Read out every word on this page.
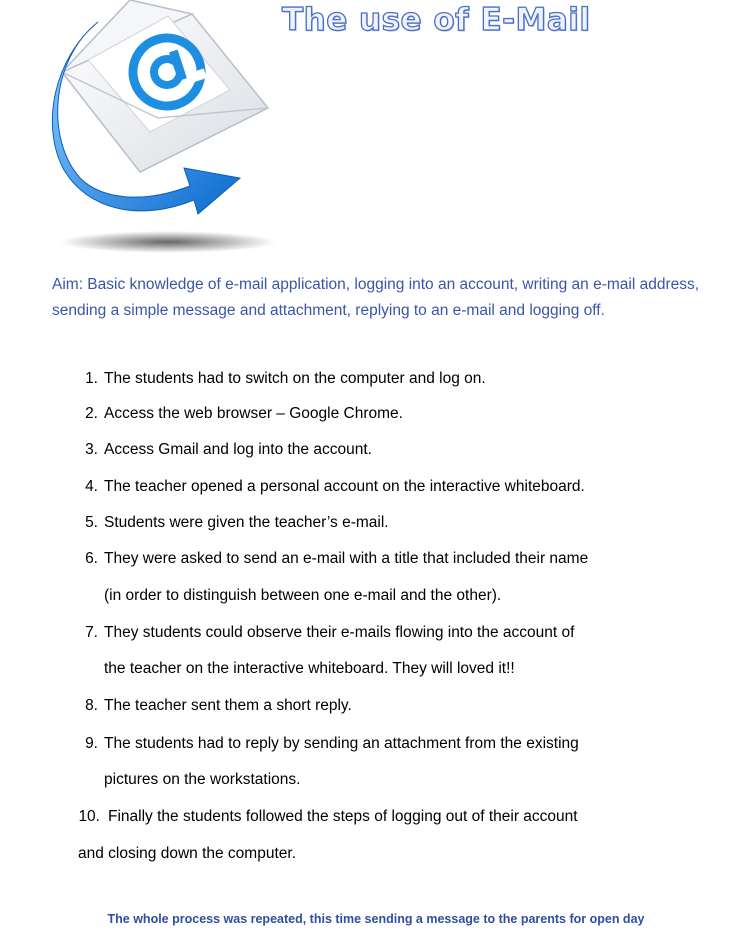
The use of E-Mail
Aim: Basic knowledge of e-mail application, logging into an account, writing an e-mail address, sending a simple message and attachment, replying to an e-mail and logging off.
1. The students had to switch on the computer and log on.
2. Access the web browser – Google Chrome.
3. Access Gmail and log into the account.
4. The teacher opened a personal account on the interactive whiteboard.
5. Students were given the teacher’s e-mail.
6. They were asked to send an e-mail with a title that included their name
(in order to distinguish between one e-mail and the other).
7. They students could observe their e-mails flowing into the account of
the teacher on the interactive whiteboard. They will loved it!!
8. The teacher sent them a short reply.
9. The students had to reply by sending an attachment from the existing
pictures on the workstations.
10. Finally the students followed the steps of logging out of their account
and closing down the computer.
The whole process was repeated, this time sending a message to the parents for open day
